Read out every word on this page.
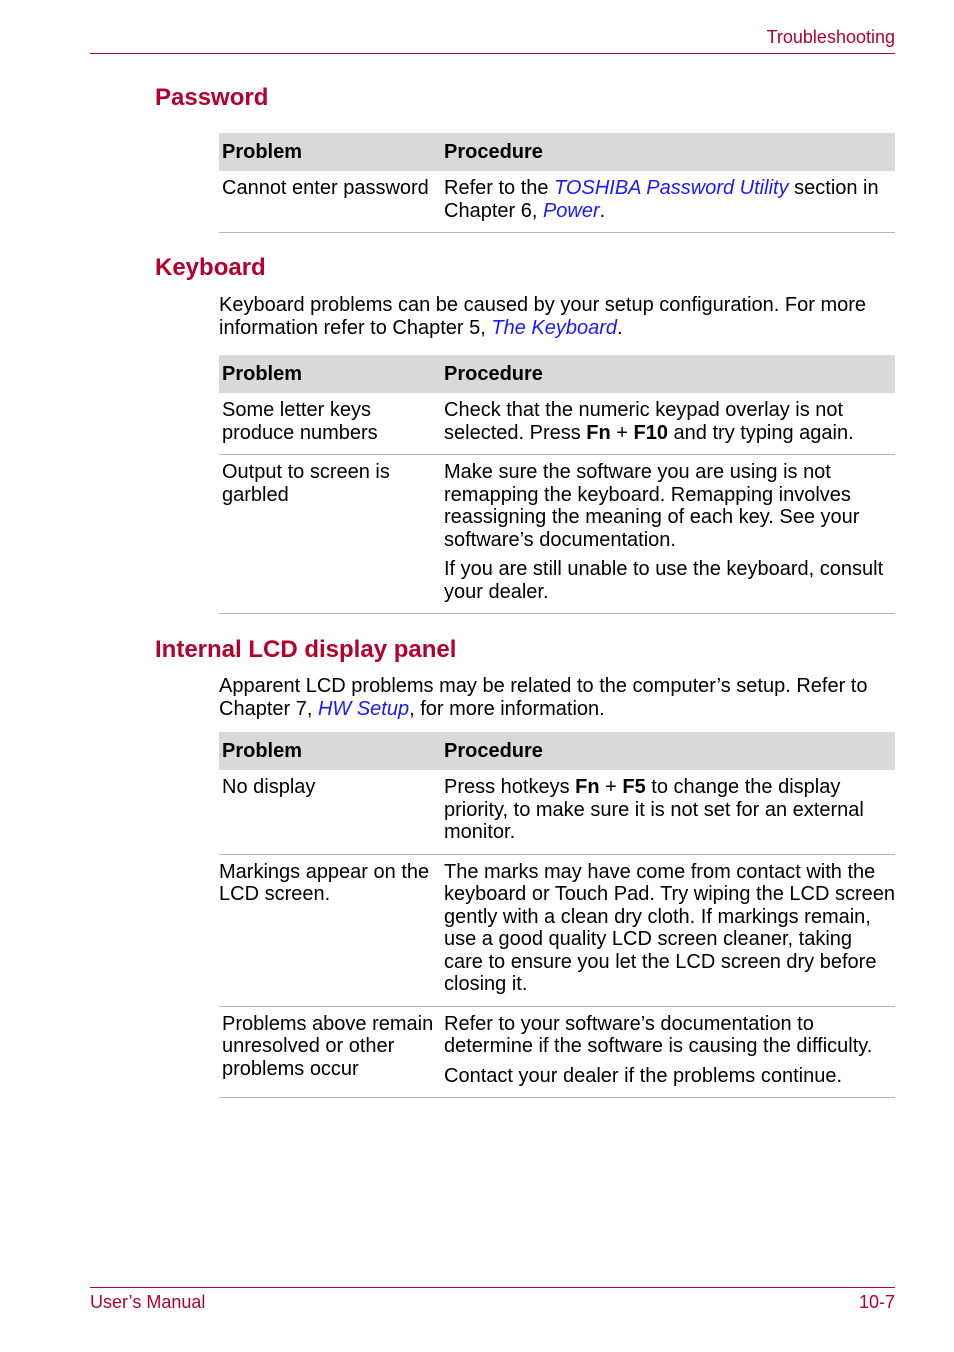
Troubleshooting
Password
Problem	Procedure
Cannot enter password	Refer to the TOSHIBA Password Utility section in Chapter 6, Power.
Keyboard

Keyboard problems can be caused by your setup configuration. For more information refer to Chapter 5, The Keyboard.

Problem	Procedure
Some letter keys produce numbers	Check that the numeric keypad overlay is not selected. Press Fn + F10 and try typing again.
Output to screen is garbled	Make sure the software you are using is not remapping the keyboard. Remapping involves reassigning the meaning of each key. See your software’s documentation.

If you are still unable to use the keyboard, consult your dealer.

Internal LCD display panel

Apparent LCD problems may be related to the computer’s setup. Refer to Chapter 7, HW Setup, for more information.

Problem	Procedure
No display	Press hotkeys Fn + F5 to change the display priority, to make sure it is not set for an external monitor.
Markings appear on the LCD screen.	The marks may have come from contact with the keyboard or Touch Pad. Try wiping the LCD screen gently with a clean dry cloth. If markings remain, use a good quality LCD screen cleaner, taking care to ensure you let the LCD screen dry before closing it.
Problems above remain unresolved or other problems occur	Refer to your software’s documentation to determine if the software is causing the difficulty.

Contact your dealer if the problems continue.

User’s Manual	10-7
